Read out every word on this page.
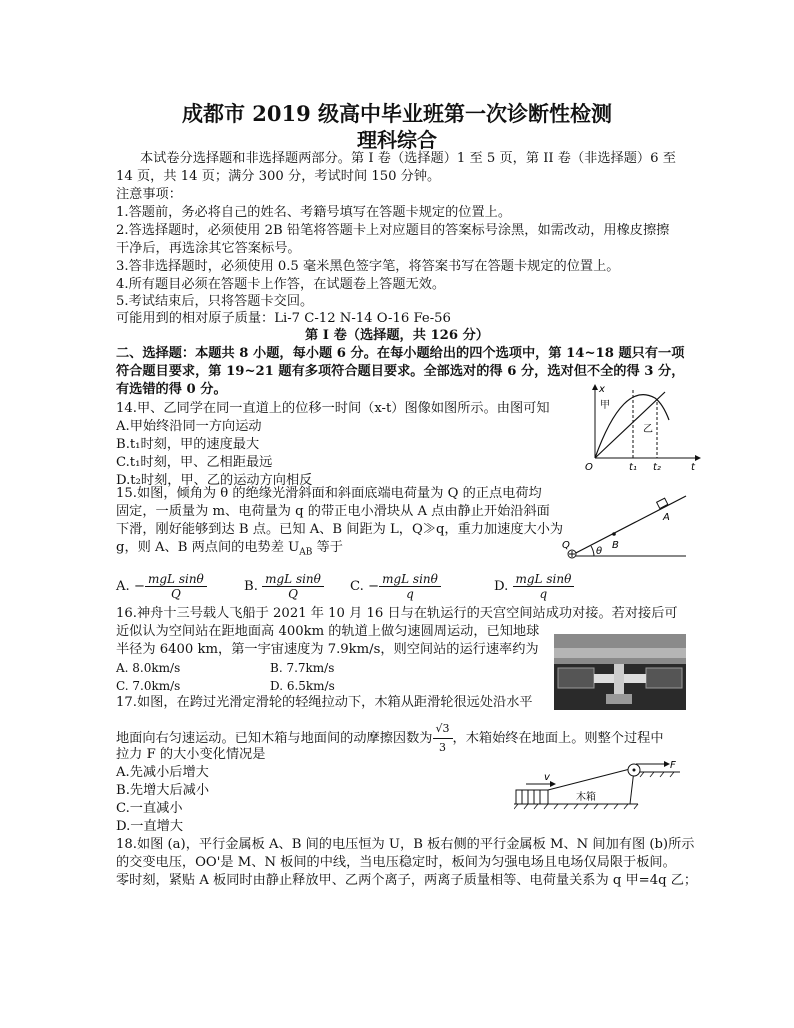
成都市 2019 级高中毕业班第一次诊断性检测
理科综合
本试卷分选择题和非选择题两部分。第 I 卷（选择题）1 至 5 页，第 II 卷（非选择题）6 至
14 页，共 14 页；满分 300 分，考试时间 150 分钟。
注意事项：
1.答题前，务必将自己的姓名、考籍号填写在答题卡规定的位置上。
2.答选择题时，必须使用 2B 铅笔将答题卡上对应题目的答案标号涂黑，如需改动，用橡皮擦擦
干净后，再选涂其它答案标号。
3.答非选择题时，必须使用 0.5 毫米黑色签字笔，将答案书写在答题卡规定的位置上。
4.所有题目必须在答题卡上作答，在试题卷上答题无效。
5.考试结束后，只将答题卡交回。
可能用到的相对原子质量：Li-7 C-12 N-14 O-16 Fe-56
第 I 卷（选择题，共 126 分）
二、选择题：本题共 8 小题，每小题 6 分。在每小题给出的四个选项中，第 14~18 题只有一项
符合题目要求，第 19~21 题有多项符合题目要求。全部选对的得 6 分，选对但不全的得 3 分，
有选错的得 0 分。
14.甲、乙同学在同一直道上的位移一时间（x-t）图像如图所示。由图可知
A.甲始终沿同一方向运动
B.t₁时刻，甲的速度最大
C.t₁时刻，甲、乙相距最远
D.t₂时刻，甲、乙的运动方向相反
x
t
O
甲
乙
t₁ t₂
15.如图，倾角为 θ 的绝缘光滑斜面和斜面底端电荷量为 Q 的正点电荷均
固定，一质量为 m、电荷量为 q 的带正电小滑块从 A 点由静止开始沿斜面
下滑，刚好能够到达 B 点。已知 A、B 间距为 L，Q≫q，重力加速度大小为
g，则 A、B 两点间的电势差 $U_{AB}$ 等于
A
B
Q
θ
A. − $\frac{\text{mgL sinθ}}{Q}$	B. $\frac{\text{mgL sinθ}}{Q} C$. − $\frac{\text{mgL sinθ}}{q}$	D. $\frac{\text{mgL sinθ}}{q}$
16.神舟十三号载人飞船于 2021 年 10 月 16 日与在轨运行的天宫空间站成功对接。若对接后可
近似认为空间站在距地面高 400km 的轨道上做匀速圆周运动，已知地球
半径为 6400 km，第一宇宙速度为 7.9km/s，则空间站的运行速率约为
A. 8.0km/s	B. 7.7km/s
C. 7.0km/s	D. 6.5km/s
17.如图，在跨过光滑定滑轮的轻绳拉动下，木箱从距滑轮很远处沿水平
地面向右匀速运动。已知木箱与地面间的动摩擦因数为 $\frac{√3}{3}$ ，木箱始终在地面上。则整个过程中
拉力 F 的大小变化情况是
A.先减小后增大
B.先增大后减小
C.一直减小
D.一直增大
v
F
木箱
18.如图 (a)，平行金属板 A、B 间的电压恒为 U，B 板右侧的平行金属板 M、N 间加有图 (b)所示
的交变电压，OO'是 M、N 板间的中线，当电压稳定时，板间为匀强电场且电场仅局限于板间。
零时刻，紧贴 A 板同时由静止释放甲、乙两个离子，两离子质量相等、电荷量关系为 q 甲=4q 乙；
